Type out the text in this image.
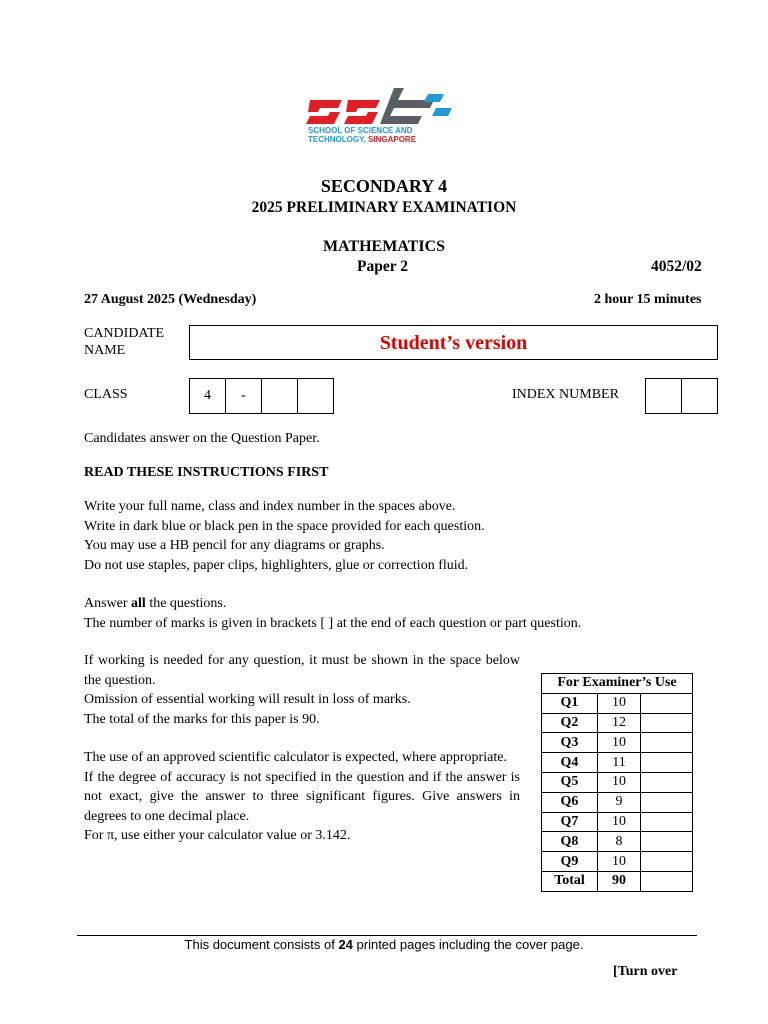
SCHOOL OF SCIENCE AND
TECHNOLOGY, SINGAPORE
SECONDARY 4
2025 PRELIMINARY EXAMINATION
MATHEMATICS
Paper 2	4052/02
27 August 2025 (Wednesday)	2 hour 15 minutes
CANDIDATE
NAME	Student’s version
CLASS	4	-	INDEX NUMBER
Candidates answer on the Question Paper.
READ THESE INSTRUCTIONS FIRST

Write your full name, class and index number in the spaces above.

Write in dark blue or black pen in the space provided for each question.

You may use a HB pencil for any diagrams or graphs.

Do not use staples, paper clips, highlighters, glue or correction fluid.

Answer all the questions.

The number of marks is given in brackets [ ] at the end of each question or part question.

If working is needed for any question, it must be shown in the space below the question.

Omission of essential working will result in loss of marks.

The total of the marks for this paper is 90.

The use of an approved scientific calculator is expected, where appropriate.

If the degree of accuracy is not specified in the question and if the answer is not exact, give the answer to three significant figures. Give answers in degrees to one decimal place.

For π, use either your calculator value or 3.142.

For Examiner’s Use		
Q1	10	
Q2	12	
Q3	10	
Q4	11	
Q5	10	
Q6	9	
Q7	10	
Q8	8	
Q9	10	
Total	90	
This document consists of 24 printed pages including the cover page.
[Turn over
